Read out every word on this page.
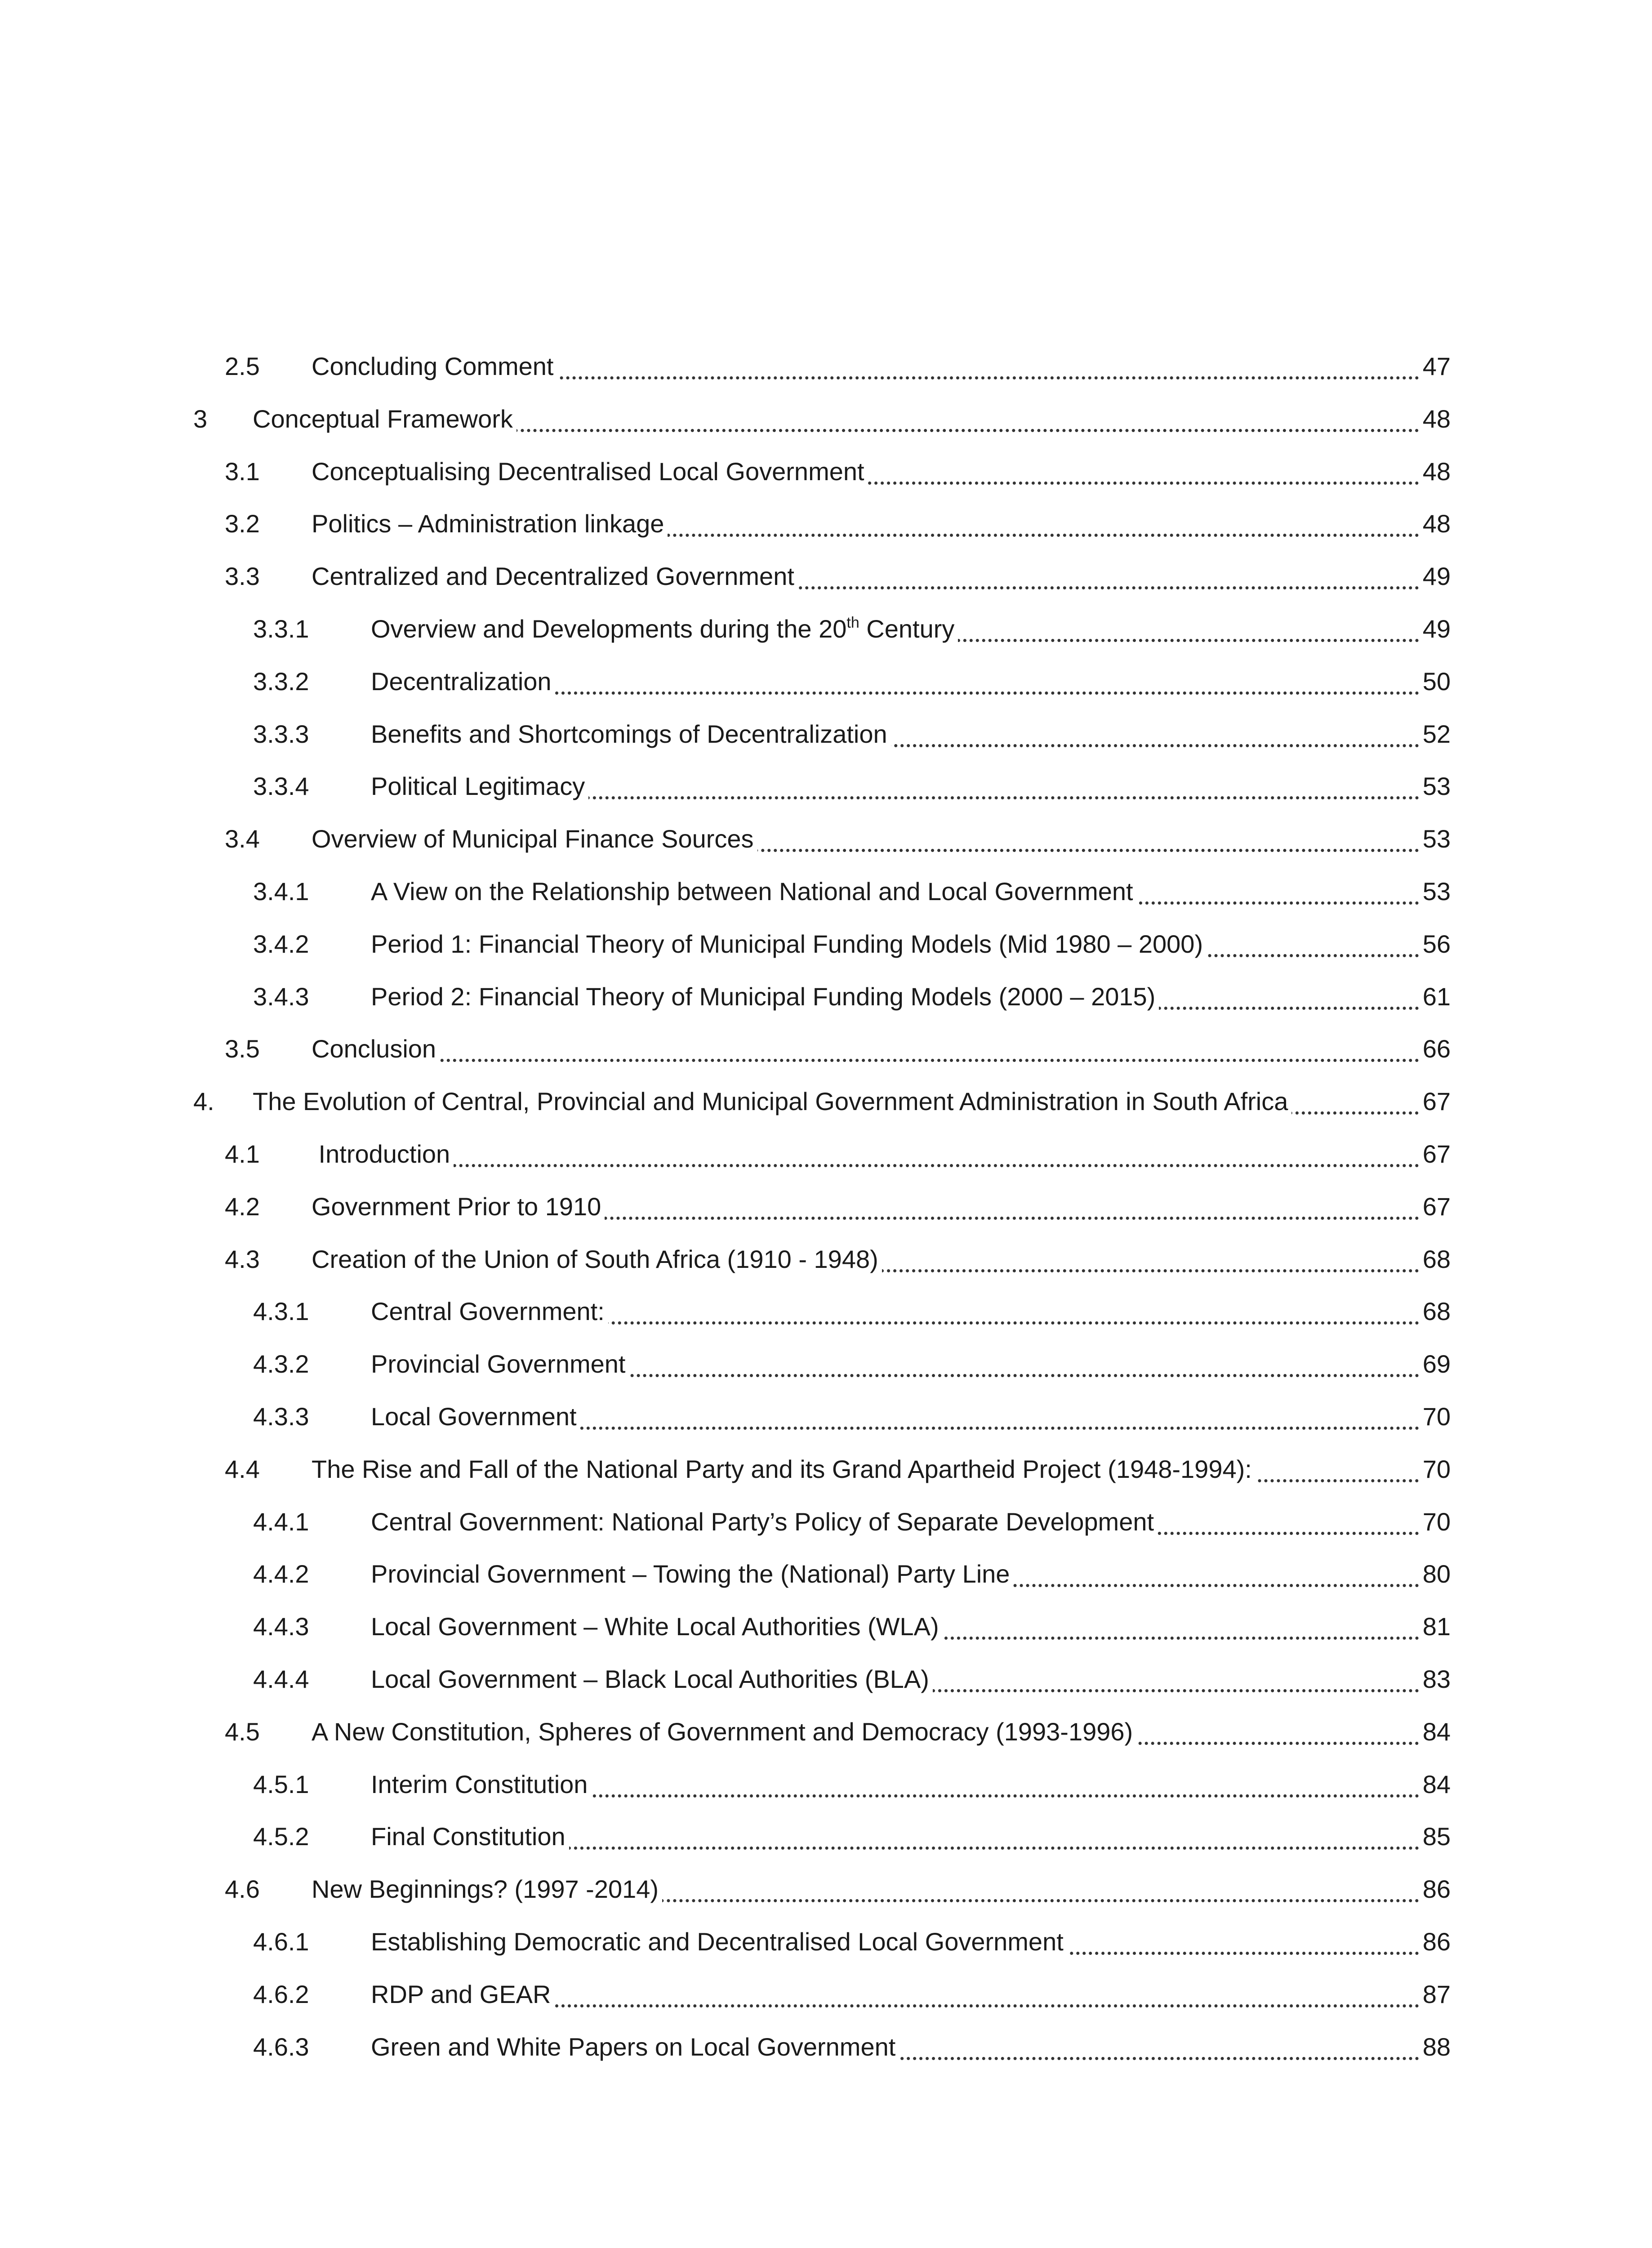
2.5 Concluding Comment	47
3 Conceptual Framework	48
3.1 Conceptualising Decentralised Local Government	48
3.2 Politics – Administration linkage	48
3.3 Centralized and Decentralized Government	49
3.3.1 Overview and Developments during the 20th Century	49
3.3.2 Decentralization	50
3.3.3 Benefits and Shortcomings of Decentralization	52
3.3.4 Political Legitimacy	53
3.4 Overview of Municipal Finance Sources	53
3.4.1 A View on the Relationship between National and Local Government	53
3.4.2 Period 1: Financial Theory of Municipal Funding Models (Mid 1980 – 2000)	56
3.4.3 Period 2: Financial Theory of Municipal Funding Models (2000 – 2015)	61
3.5 Conclusion	66
4. The Evolution of Central, Provincial and Municipal Government Administration in South Africa	67
4.1 Introduction	67
4.2 Government Prior to 1910	67
4.3 Creation of the Union of South Africa (1910 - 1948)	68
4.3.1 Central Government:	68
4.3.2 Provincial Government	69
4.3.3 Local Government	70
4.4 The Rise and Fall of the National Party and its Grand Apartheid Project (1948-1994):	70
4.4.1 Central Government: National Party’s Policy of Separate Development	70
4.4.2 Provincial Government – Towing the (National) Party Line	80
4.4.3 Local Government – White Local Authorities (WLA)	81
4.4.4 Local Government – Black Local Authorities (BLA)	83
4.5 A New Constitution, Spheres of Government and Democracy (1993-1996)	84
4.5.1 Interim Constitution	84
4.5.2 Final Constitution	85
4.6 New Beginnings? (1997 -2014)	86
4.6.1 Establishing Democratic and Decentralised Local Government	86
4.6.2 RDP and GEAR	87
4.6.3 Green and White Papers on Local Government	88
